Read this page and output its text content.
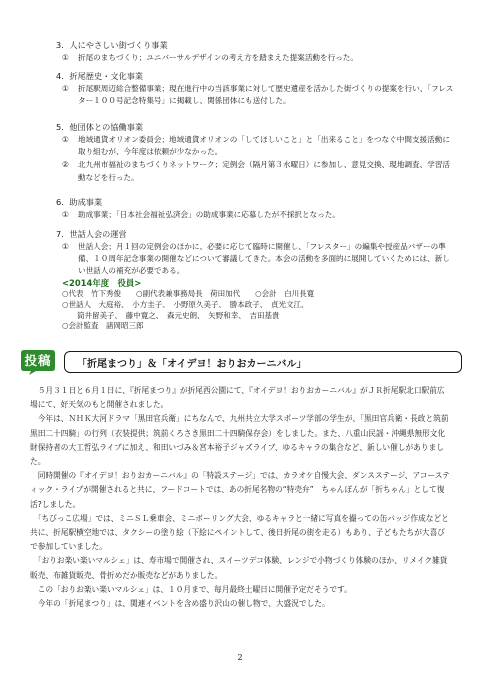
3．人にやさしい街づくり事業
① 折尾のまちづくり；ユニバーサルデザインの考え方を踏まえた提案活動を行った。
4．折尾歴史・文化事業
① 折尾駅周辺総合整備事業；現在進行中の当該事業に対して歴史遺産を活かした街づくりの提案を行い、「フレスター１００号記念特集号」に掲載し、関係団体にも送付した。
5．他団体との協働事業
① 地域通貨オリオン委員会；地域通貨オリオンの「してほしいこと」と「出来ること」をつなぐ中間支援活動に取り組むが、今年度は依頼が少なかった。
② 北九州市福祉のまちづくりネットワーク；定例会（隔月第３水曜日）に参加し、意見交換、現地調査、学習活動などを行った。
6．助成事業
① 助成事業；「日本社会福祉弘済会」の助成事業に応募したが不採択となった。
7．世話人会の運営
① 世話人会；月１回の定例会のほかに、必要に応じて臨時に開催し、「フレスター」の編集や授産品バザーの準備、１０周年記念事業の開催などについて審議してきた。本会の活動を多面的に展開していくためには、新しい世話人の補充が必要である。
<2014年度　役員>
○代表　竹下秀俊　　○副代表兼事務局長　荷田加代　　○会計　白川長寛
○世話人　大庭裕、　小方圭子、　小野原久美子、　勝本政子、　貞光文江、
　　筒井留美子、　藤中寛之、　森元史朗、　矢野和幸、　吉田基貴
○会計監査　諸岡昭三郎
投稿	「折尾まつり」＆「オイデヨ！おりおカーニバル」

　５月３１日と６月１日に、『折尾まつり』が折尾西公園にて、『オイデヨ！おりおカーニバル』がＪＲ折尾駅北口駅前広場にて、好天気のもと開催されました。

　今年は、ＮＨＫ大河ドラマ「黒田官兵衛」にちなんで、九州共立大学スポーツ学部の学生が、「黒田官兵衛・長政と筑前黒田二十四騎」の行列（衣装提供；筑前くろさき黒田二十四騎保存会）をしました。また、八重山民謡・沖縄県無形文化財保持者の大工哲弘ライブに加え、和田いづみ＆宮本裕子ジャズライブ、ゆるキャラの集合など、新しい催しがありました。

　同時開催の『オイデヨ！おりおカーニバル』の「特設ステージ」では、カラオケ自慢大会、ダンスステージ、アコースティック・ライブが開催されると共に、フードコートでは、あの折尾名物の“特売弁”　ちゃんぽんが「折ちゃん」として復活?しました。

　「ちびっこ広場」では、ミニＳＬ乗車会、ミニボーリング大会、ゆるキャラと一緒に写真を撮っての缶バッジ作成などと共に、折尾駅横空地では、タクシーの塗り絵（下絵にペイントして、後日折尾の街を走る）もあり、子どもたちが大喜びで参加していました。

　「おりお楽い楽いマルシェ」は、寿市場で開催され、スイーツデコ体験、レンジで小物づくり体験のほか、リメイク雑貨販売、布雑貨販売、骨折めだか販売などがありました。

　この「おりお楽い楽いマルシェ」は、１０月まで、毎月最終土曜日に開催予定だそうです。

　今年の「折尾まつり」は、関連イベントを含め盛り沢山の催し物で、大盛況でした。

2
